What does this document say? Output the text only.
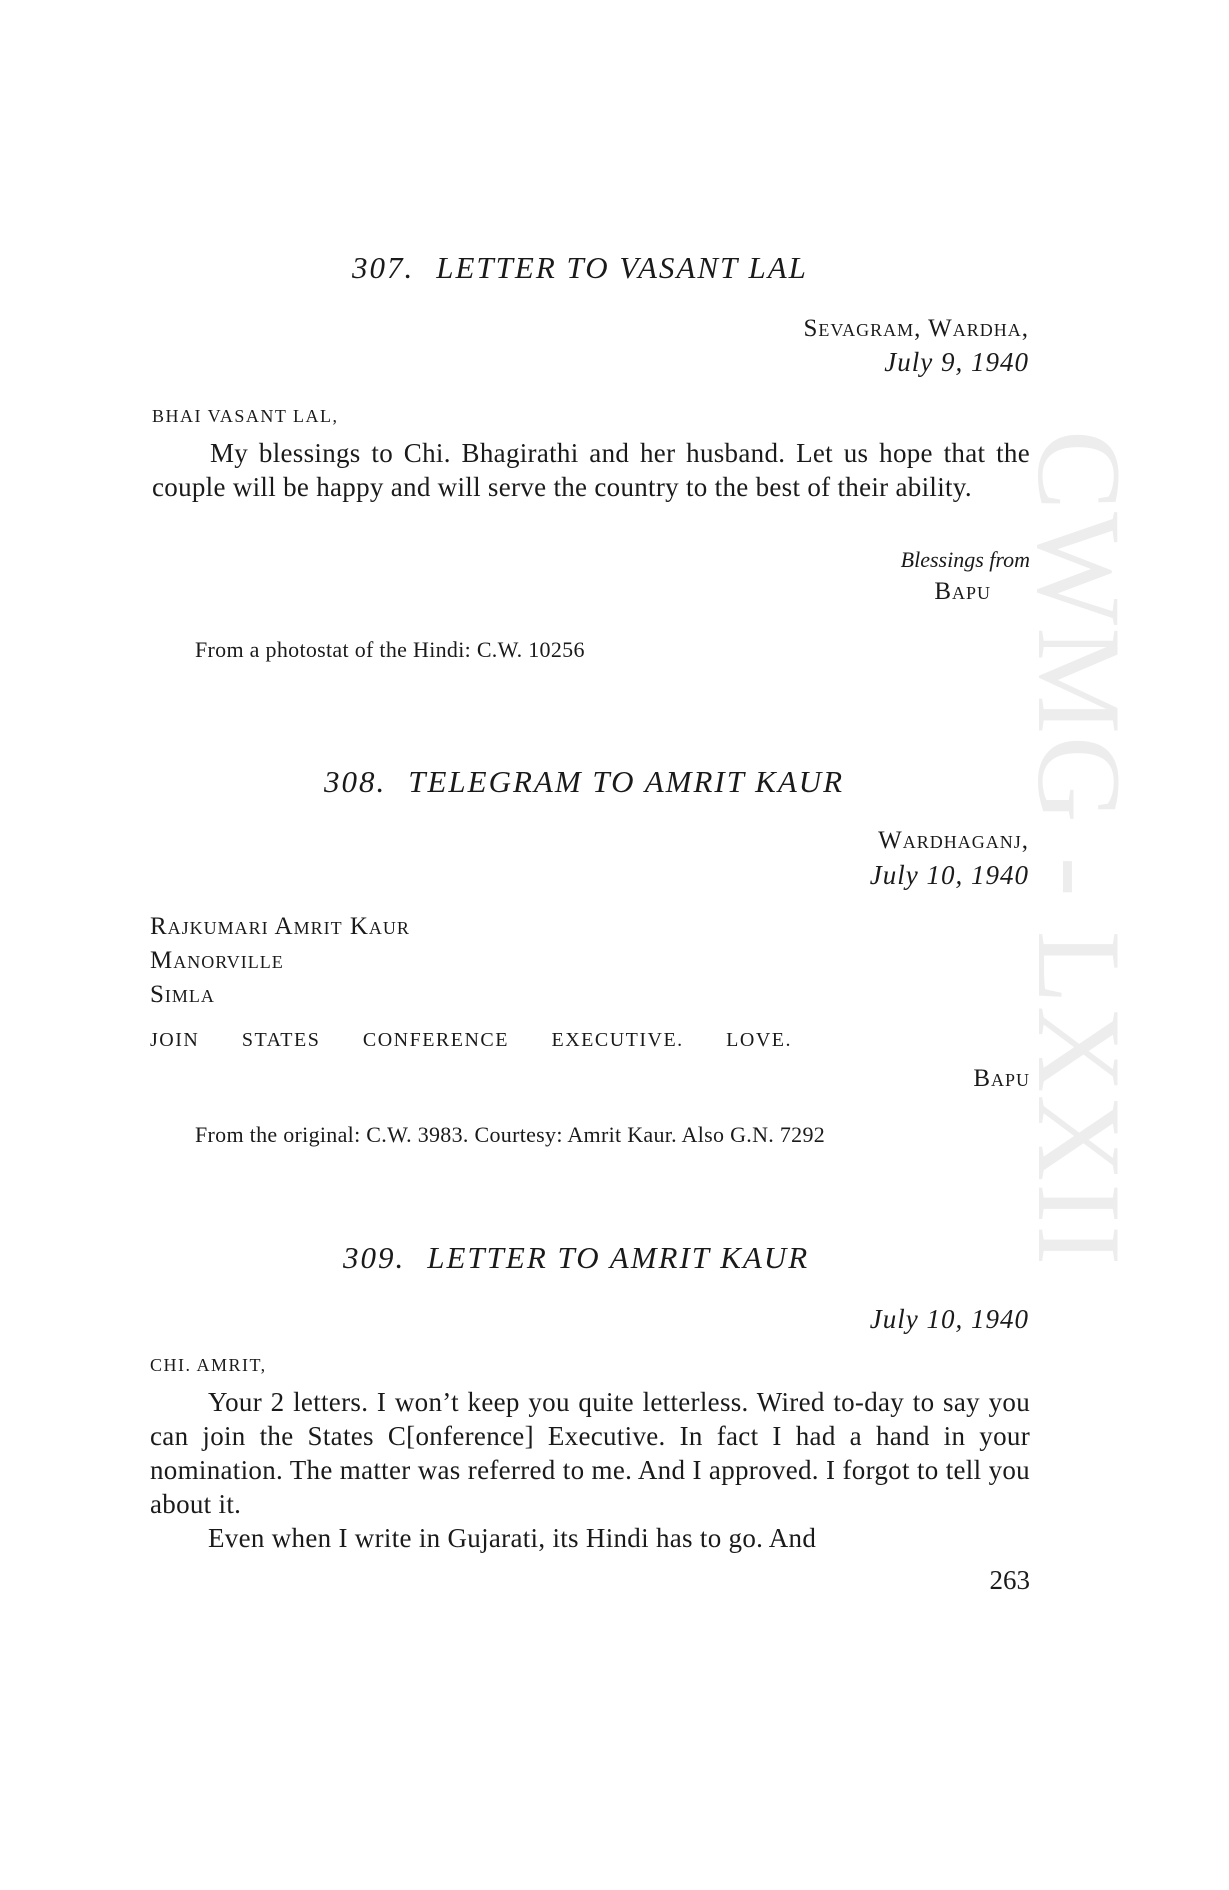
CWMG - LXXII
307. LETTER TO VASANT LAL
Sevagram, Wardha,
July 9, 1940
BHAI VASANT LAL,

My blessings to Chi. Bhagirathi and her husband. Let us hope that the couple will be happy and will serve the country to the best of their ability.

Blessings from
Bapu
From a photostat of the Hindi: C.W. 10256
308. TELEGRAM TO AMRIT KAUR
Wardhaganj,
July 10, 1940
Rajkumari Amrit Kaur
Manorville
Simla
JOIN STATES CONFERENCE EXECUTIVE. LOVE.
Bapu
From the original: C.W. 3983. Courtesy: Amrit Kaur. Also G.N. 7292
309. LETTER TO AMRIT KAUR
July 10, 1940
CHI. AMRIT,

Your 2 letters. I won’t keep you quite letterless. Wired to-day to say you can join the States C[onference] Executive. In fact I had a hand in your nomination. The matter was referred to me. And I approved. I forgot to tell you about it.

Even when I write in Gujarati, its Hindi has to go. And

263
